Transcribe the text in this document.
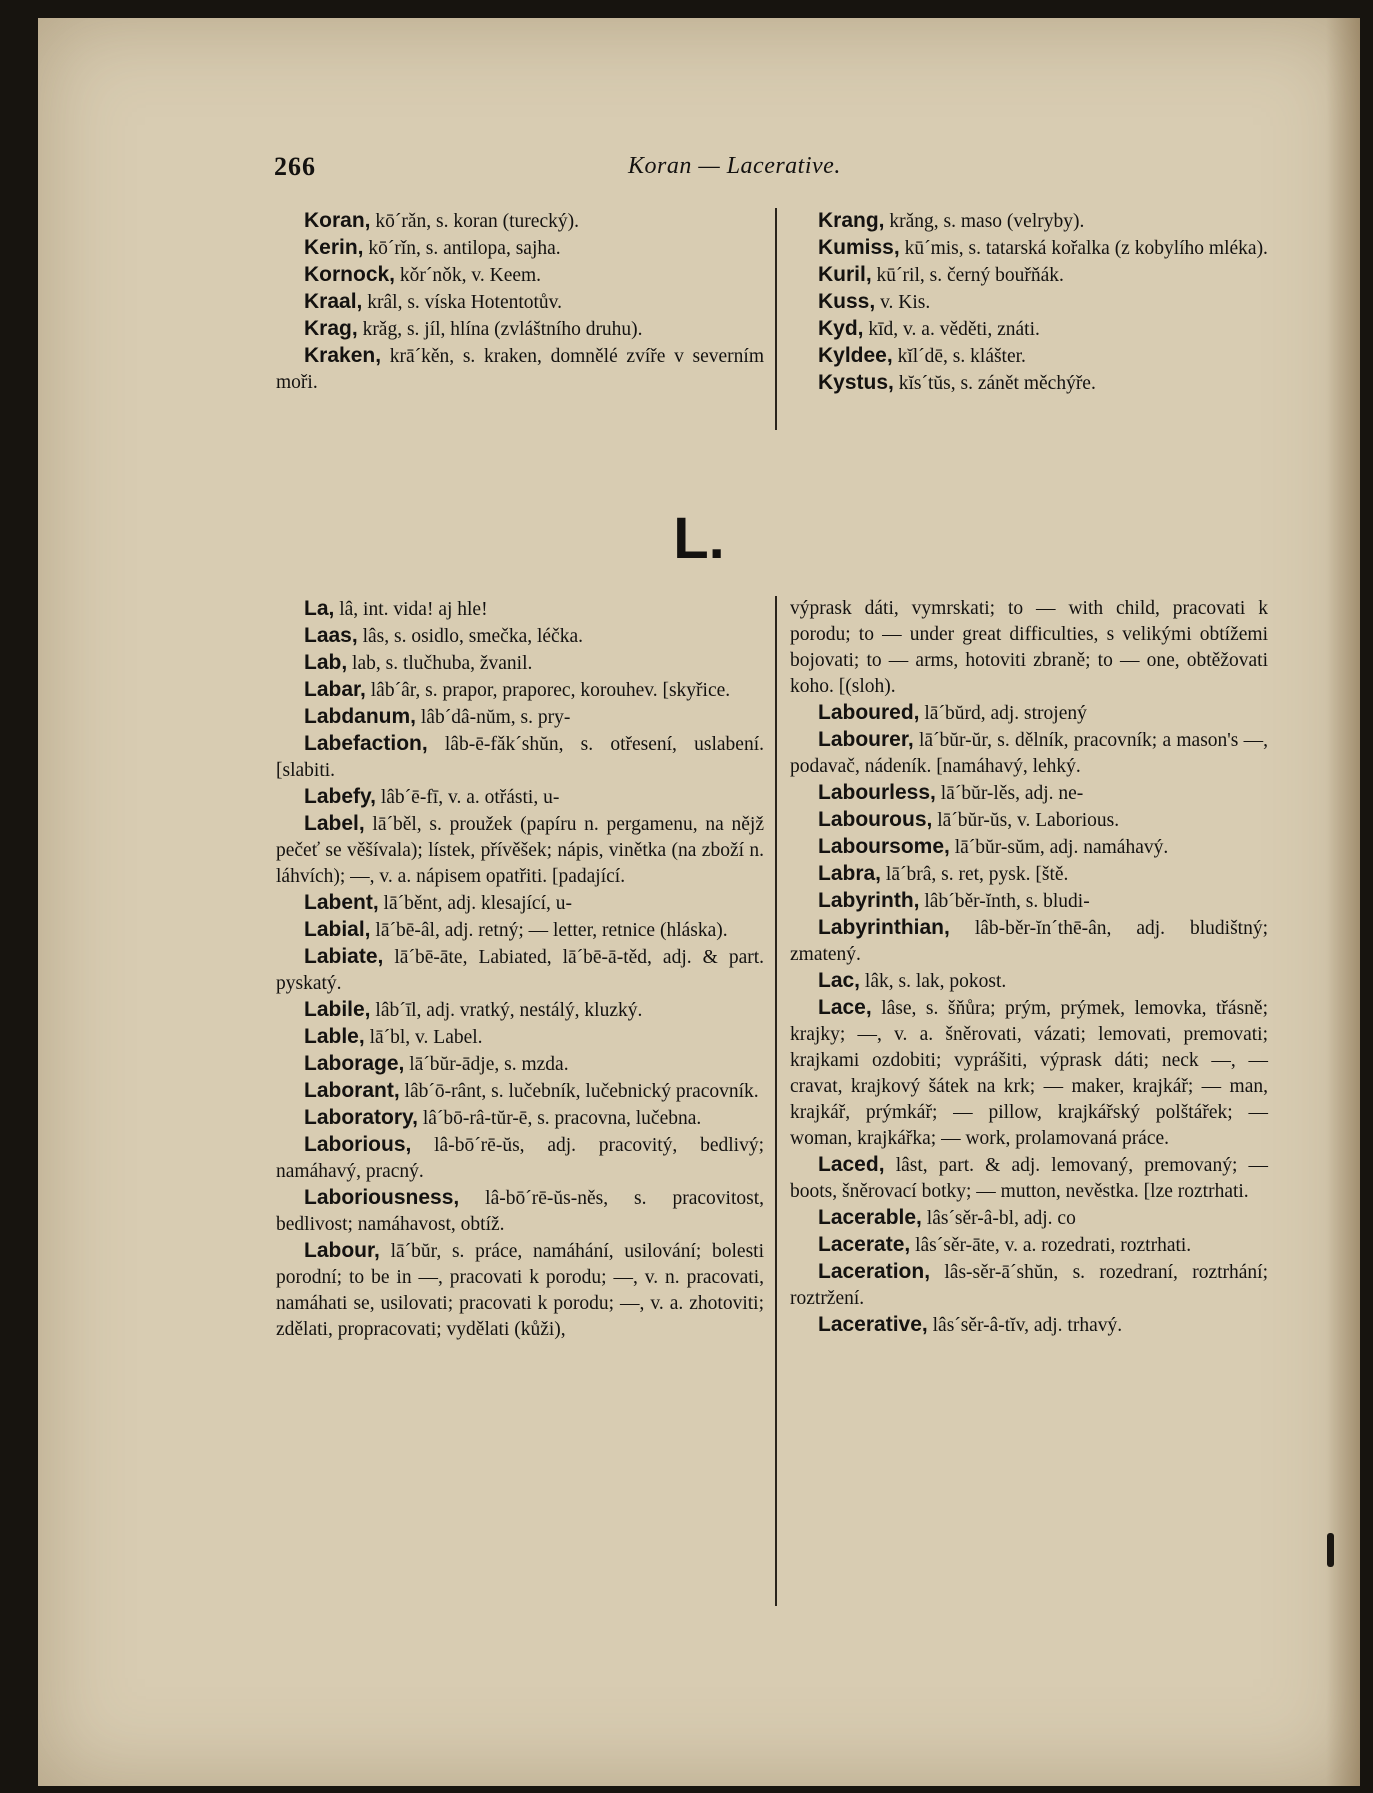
266	Koran — Lacerative.

Koran, kō´rǎn, s. koran (turecký).

Kerin, kō´rǐn, s. antilopa, sajha.

Kornock, kǒr´nǒk, v. Keem.

Kraal, krâl, s. víska Hotentotův.

Krag, krǎg, s. jíl, hlína (zvláštního druhu).

Kraken, krā´kěn, s. kraken, domnělé zvíře v severním moři.

Krang, krǎng, s. maso (velryby).

Kumiss, kū´mis, s. tatarská kořalka (z kobylího mléka).

Kuril, kū´ril, s. černý bouřňák.

Kuss, v. Kis.

Kyd, kīd, v. a. věděti, znáti.

Kyldee, kĭl´dē, s. klášter.

Kystus, kĭs´tŭs, s. zánět měchýře.

L.

La, lâ, int. vida! aj hle!

Laas, lâs, s. osidlo, smečka, léčka.

Lab, lab, s. tlučhuba, žvanil.

Labar, lâb´âr, s. prapor, praporec, korouhev. [skyřice.

Labdanum, lâb´dâ-nŭm, s. pry-

Labefaction, lâb-ē-fǎk´shŭn, s. otřesení, uslabení. [slabiti.

Labefy, lâb´ē-fī, v. a. otřásti, u-

Label, lā´běl, s. proužek (papíru n. pergamenu, na nějž pečeť se věšívala); lístek, přívěšek; nápis, vinětka (na zboží n. láhvích); —, v. a. nápisem opatřiti. [padající.

Labent, lā´běnt, adj. klesající, u-

Labial, lā´bē-âl, adj. retný; — letter, retnice (hláska).

Labiate, lā´bē-āte, Labiated, lā´bē-ā-těd, adj. & part. pyskatý.

Labile, lâb´īl, adj. vratký, nestálý, kluzký.

Lable, lā´bl, v. Label.

Laborage, lā´bŭr-ādje, s. mzda.

Laborant, lâb´ō-rânt, s. lučebník, lučebnický pracovník.

Laboratory, lâ´bō-râ-tŭr-ē, s. pracovna, lučebna.

Laborious, lâ-bō´rē-ŭs, adj. pracovitý, bedlivý; namáhavý, pracný.

Laboriousness, lâ-bō´rē-ŭs-něs, s. pracovitost, bedlivost; namáhavost, obtíž.

Labour, lā´bŭr, s. práce, namáhání, usilování; bolesti porodní; to be in —, pracovati k porodu; —, v. n. pracovati, namáhati se, usilovati; pracovati k porodu; —, v. a. zhotoviti; zdělati, propracovati; vydělati (kůži),

výprask dáti, vymrskati; to — with child, pracovati k porodu; to — under great difficulties, s velikými obtížemi bojovati; to — arms, hotoviti zbraně; to — one, obtěžovati koho. [(sloh).

Laboured, lā´bŭrd, adj. strojený

Labourer, lā´bŭr-ŭr, s. dělník, pracovník; a mason's —, podavač, nádeník. [namáhavý, lehký.

Labourless, lā´bŭr-lěs, adj. ne-

Labourous, lā´bŭr-ŭs, v. Laborious.

Laboursome, lā´bŭr-sŭm, adj. namáhavý.

Labra, lā´brâ, s. ret, pysk. [ště.

Labyrinth, lâb´běr-ĭnth, s. bludi-

Labyrinthian, lâb-běr-ĭn´thē-ân, adj. bludištný; zmatený.

Lac, lâk, s. lak, pokost.

Lace, lâse, s. šňůra; prým, prýmek, lemovka, třásně; krajky; —, v. a. šněrovati, vázati; lemovati, premovati; krajkami ozdobiti; vyprášiti, výprask dáti; neck —, — cravat, krajkový šátek na krk; — maker, krajkář; — man, krajkář, prýmkář; — pillow, krajkářský polštářek; — woman, krajkářka; — work, prolamovaná práce.

Laced, lâst, part. & adj. lemovaný, premovaný; — boots, šněrovací botky; — mutton, nevěstka. [lze roztrhati.

Lacerable, lâs´sěr-â-bl, adj. co

Lacerate, lâs´sěr-āte, v. a. rozedrati, roztrhati.

Laceration, lâs-sěr-ā´shŭn, s. rozedraní, roztrhání; roztržení.

Lacerative, lâs´sěr-â-tĭv, adj. trhavý.
